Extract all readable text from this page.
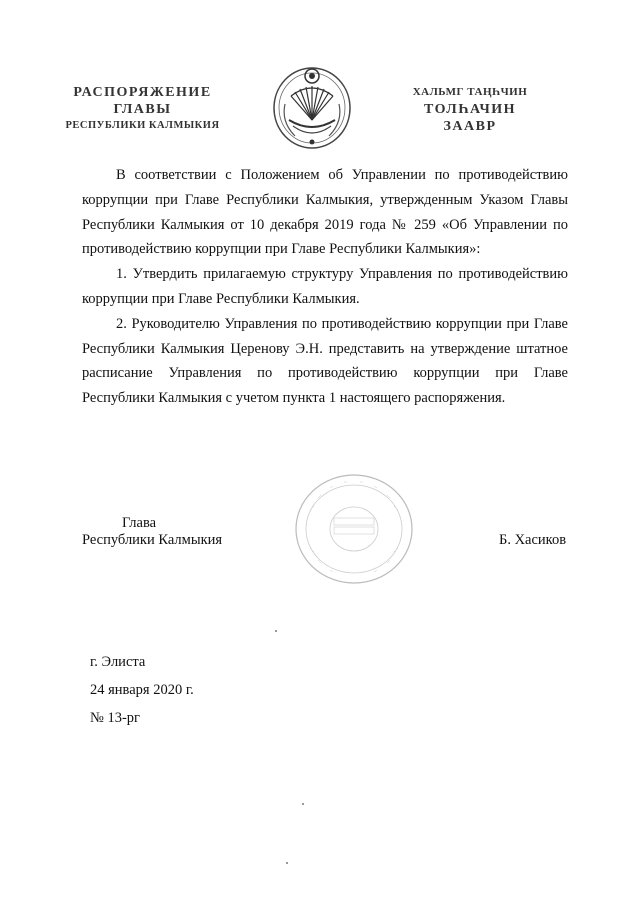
РАСПОРЯЖЕНИЕ
ГЛАВЫ
РЕСПУБЛИКИ КАЛМЫКИЯ
ХАЛЬМГ ТАҢҺЧИН
ТОЛҺАЧИН
ЗААВР

В соответствии с Положением об Управлении по противодействию коррупции при Главе Республики Калмыкия, утвержденным Указом Главы Республики Калмыкия от 10 декабря 2019 года № 259 «Об Управлении по противодействию коррупции при Главе Республики Калмыкия»:

1. Утвердить прилагаемую структуру Управления по противодействию коррупции при Главе Республики Калмыкия.

2. Руководителю Управления по противодействию коррупции при Главе Республики Калмыкия Церенову Э.Н. представить на утверждение штатное расписание Управления по противодействию коррупции при Главе Республики Калмыкия с учетом пункта 1 настоящего распоряжения.

Глава
Республики Калмыкия	Б. Хасиков
г. Элиста
24 января 2020 г.
№ 13-рг
